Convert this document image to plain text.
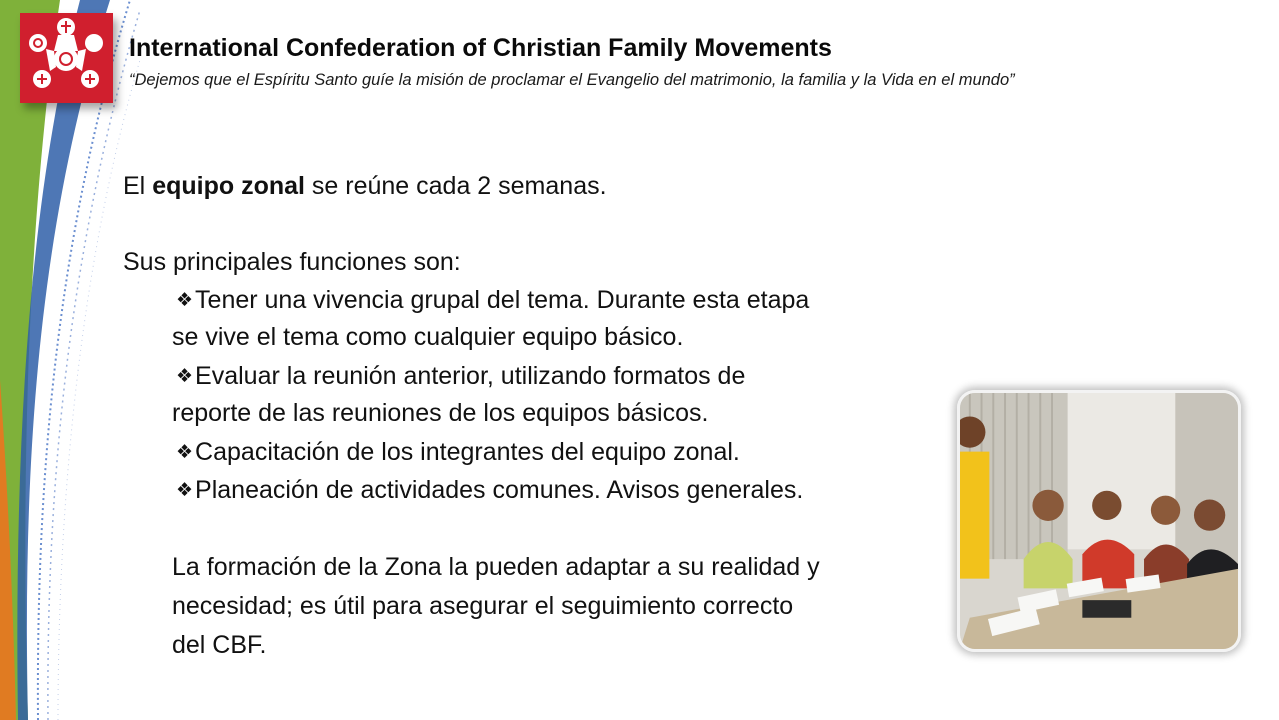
International Confederation of Christian Family Movements
“Dejemos que el Espíritu Santo guíe la misión de proclamar el Evangelio del matrimonio, la familia y la Vida en el mundo”
El equipo zonal se reúne cada 2 semanas.
Sus principales funciones son:
❖Tener una vivencia grupal del tema. Durante esta etapa
se vive el tema como cualquier equipo básico.
❖Evaluar la reunión anterior, utilizando formatos de
reporte de las reuniones de los equipos básicos.
❖Capacitación de los integrantes del equipo zonal.
❖Planeación de actividades comunes. Avisos generales.
La formación de la Zona la pueden adaptar a su realidad y
necesidad; es útil para asegurar el seguimiento correcto
del CBF.
